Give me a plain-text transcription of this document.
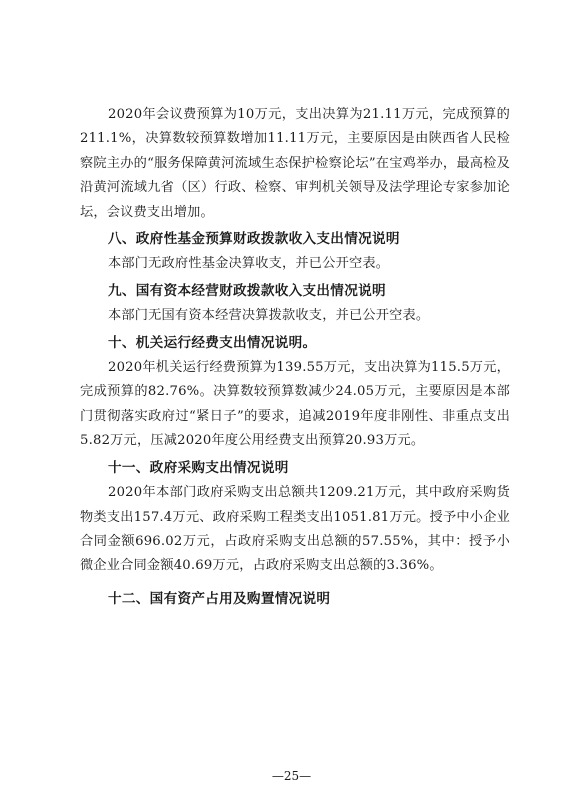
2020年会议费预算为10万元，支出决算为21.11万元，完成预算的211.1%，决算数较预算数增加11.11万元，主要原因是由陕西省人民检察院主办的“服务保障黄河流域生态保护检察论坛”在宝鸡举办，最高检及沿黄河流域九省（区）行政、检察、审判机关领导及法学理论专家参加论坛，会议费支出增加。

八、政府性基金预算财政拨款收入支出情况说明

本部门无政府性基金决算收支，并已公开空表。

九、国有资本经营财政拨款收入支出情况说明

本部门无国有资本经营决算拨款收支，并已公开空表。

十、机关运行经费支出情况说明。

2020年机关运行经费预算为139.55万元，支出决算为115.5万元，完成预算的82.76%。决算数较预算数减少24.05万元，主要原因是本部门贯彻落实政府过“紧日子”的要求，追减2019年度非刚性、非重点支出5.82万元，压减2020年度公用经费支出预算20.93万元。

十一、政府采购支出情况说明

2020年本部门政府采购支出总额共1209.21万元，其中政府采购货物类支出157.4万元、政府采购工程类支出1051.81万元。授予中小企业合同金额696.02万元，占政府采购支出总额的57.55%，其中：授予小微企业合同金额40.69万元，占政府采购支出总额的3.36%。

十二、国有资产占用及购置情况说明

—25—
